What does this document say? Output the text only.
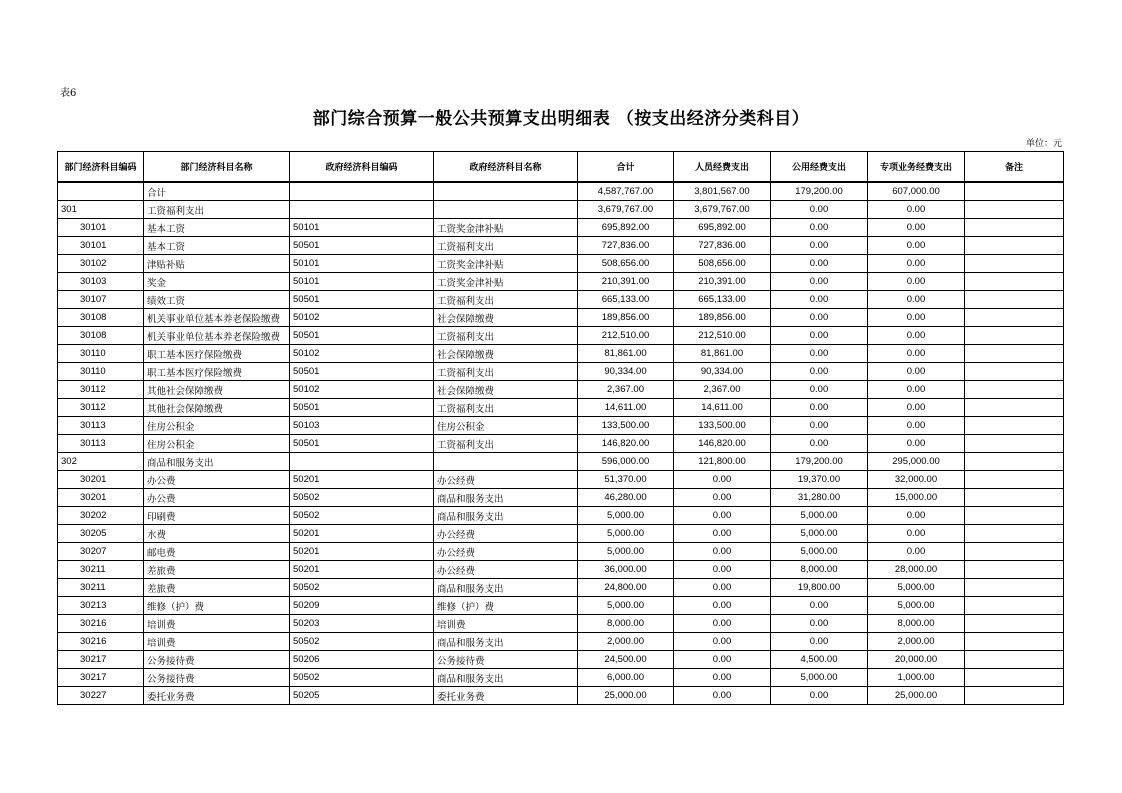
表6
部门综合预算一般公共预算支出明细表 （按支出经济分类科目）
单位：元
部门经济科目编码	部门经济科目名称	政府经济科目编码	政府经济科目名称	合计	人员经费支出	公用经费支出	专项业务经费支出	备注
	合计			4,587,767.00	3,801,567.00	179,200.00	607,000.00	
301	工资福利支出			3,679,767.00	3,679,767.00	0.00	0.00	
30101	基本工资	50101	工资奖金津补贴	695,892.00	695,892.00	0.00	0.00	
30101	基本工资	50501	工资福利支出	727,836.00	727,836.00	0.00	0.00	
30102	津贴补贴	50101	工资奖金津补贴	508,656.00	508,656.00	0.00	0.00	
30103	奖金	50101	工资奖金津补贴	210,391.00	210,391.00	0.00	0.00	
30107	绩效工资	50501	工资福利支出	665,133.00	665,133.00	0.00	0.00	
30108	机关事业单位基本养老保险缴费	50102	社会保障缴费	189,856.00	189,856.00	0.00	0.00	
30108	机关事业单位基本养老保险缴费	50501	工资福利支出	212,510.00	212,510.00	0.00	0.00	
30110	职工基本医疗保险缴费	50102	社会保障缴费	81,861.00	81,861.00	0.00	0.00	
30110	职工基本医疗保险缴费	50501	工资福利支出	90,334.00	90,334.00	0.00	0.00	
30112	其他社会保障缴费	50102	社会保障缴费	2,367.00	2,367.00	0.00	0.00	
30112	其他社会保障缴费	50501	工资福利支出	14,611.00	14,611.00	0.00	0.00	
30113	住房公积金	50103	住房公积金	133,500.00	133,500.00	0.00	0.00	
30113	住房公积金	50501	工资福利支出	146,820.00	146,820.00	0.00	0.00	
302	商品和服务支出			596,000.00	121,800.00	179,200.00	295,000.00	
30201	办公费	50201	办公经费	51,370.00	0.00	19,370.00	32,000.00	
30201	办公费	50502	商品和服务支出	46,280.00	0.00	31,280.00	15,000.00	
30202	印刷费	50502	商品和服务支出	5,000.00	0.00	5,000.00	0.00	
30205	水费	50201	办公经费	5,000.00	0.00	5,000.00	0.00	
30207	邮电费	50201	办公经费	5,000.00	0.00	5,000.00	0.00	
30211	差旅费	50201	办公经费	36,000.00	0.00	8,000.00	28,000.00	
30211	差旅费	50502	商品和服务支出	24,800.00	0.00	19,800.00	5,000.00	
30213	维修（护）费	50209	维修（护）费	5,000.00	0.00	0.00	5,000.00	
30216	培训费	50203	培训费	8,000.00	0.00	0.00	8,000.00	
30216	培训费	50502	商品和服务支出	2,000.00	0.00	0.00	2,000.00	
30217	公务接待费	50206	公务接待费	24,500.00	0.00	4,500.00	20,000.00	
30217	公务接待费	50502	商品和服务支出	6,000.00	0.00	5,000.00	1,000.00	
30227	委托业务费	50205	委托业务费	25,000.00	0.00	0.00	25,000.00	
